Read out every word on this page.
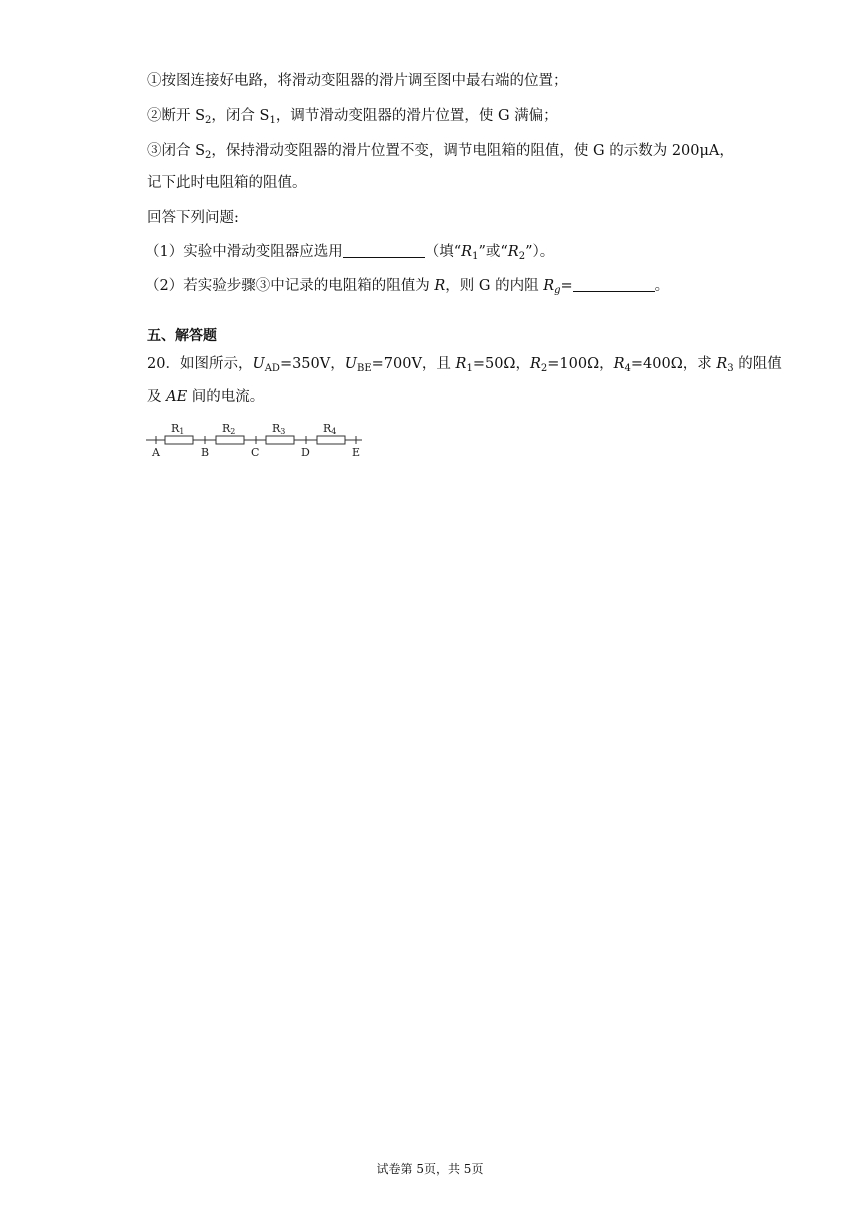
①按图连接好电路，将滑动变阻器的滑片调至图中最右端的位置；
②断开 $S_2$，闭合 $S_1$，调节滑动变阻器的滑片位置，使 G 满偏；
③闭合 $S_2$，保持滑动变阻器的滑片位置不变，调节电阻箱的阻值，使 G 的示数为 200μA，
记下此时电阻箱的阻值。
回答下列问题:
（1）实验中滑动变阻器应选用	（填“$R_1$”或“$R_2$”）。
（2）若实验步骤③中记录的电阻箱的阻值为 R，则 G 的内阻 $R_g=$	。
五、解答题
20．如图所示，$U_{AD}=350V$，$U_{BE}=700V$，且 $R_1=50\Omega$，$R_2=100\Omega$，$R_4=400\Omega$，求 $R_3$ 的阻值
及 AE 间的电流。
R1	R2	R3	R4
A	B	C	D	E
试卷第 5页，共 5页
